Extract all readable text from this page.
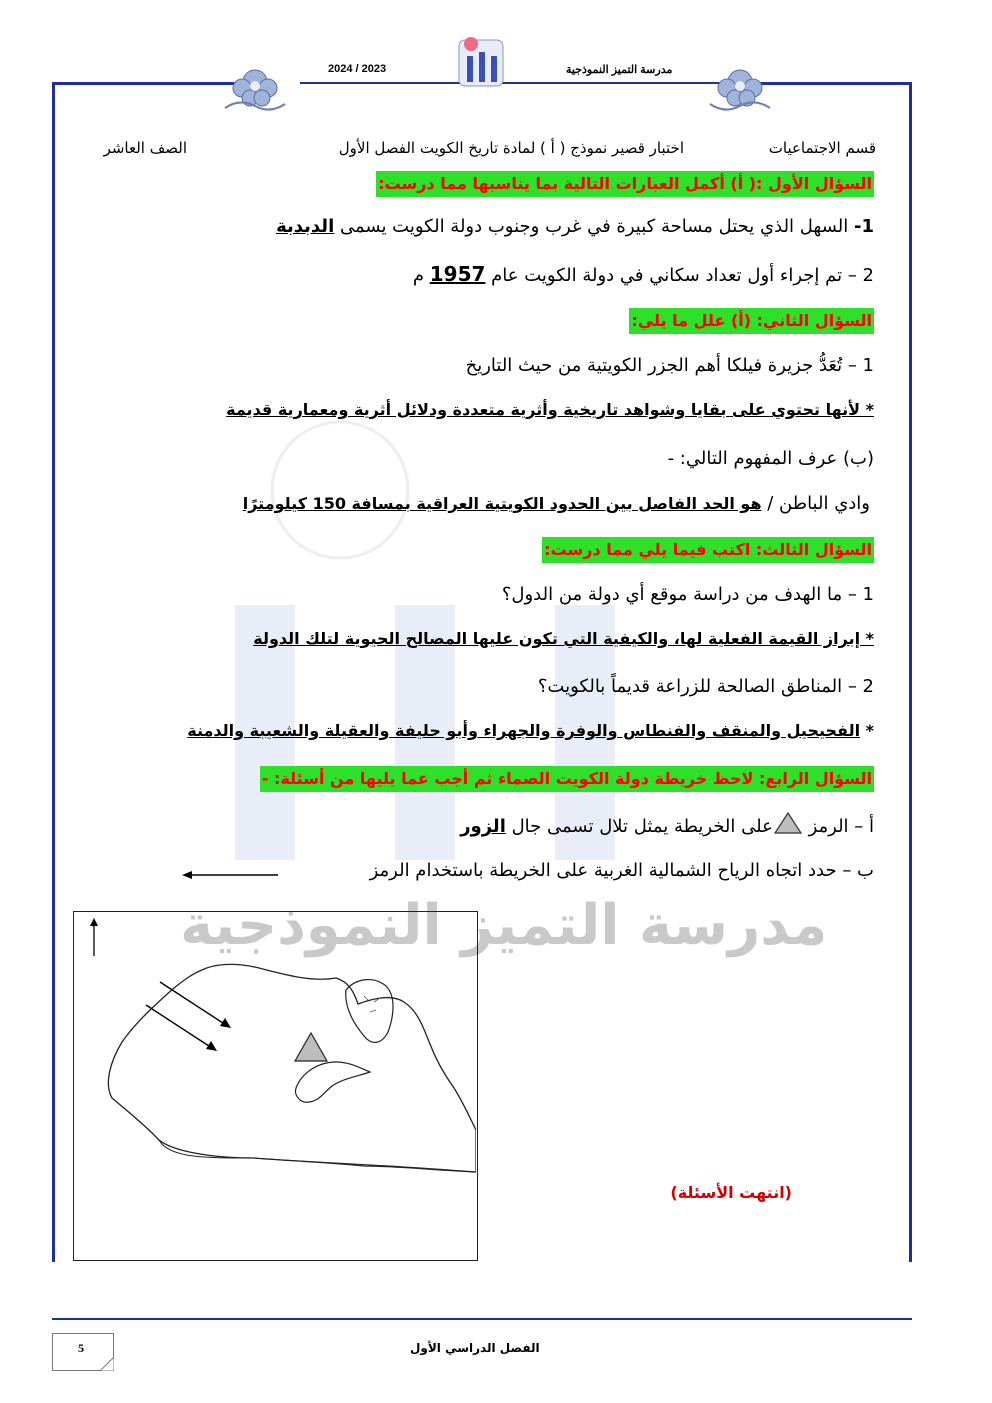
2024 / 2023	مدرسة التميز النموذجية
قسم الاجتماعيات
اختبار قصير نموذج ( أ ) لمادة تاريخ الكويت الفصل الأول
الصف العاشر
مدرسة التميز النموذجية
السؤال الأول :( أ) أكمل العبارات التالية بما يناسبها مما درست:
1- السهل الذي يحتل مساحة كبيرة في غرب وجنوب دولة الكويت يسمى الدبدبة
2 – تم إجراء أول تعداد سكاني في دولة الكويت عام 1957 م
السؤال الثاني: (أ) علل ما يلي:
1 – تُعَدُّ جزيرة فيلكا أهم الجزر الكويتية من حيث التاريخ
* لأنها تحتوي على بقايا وشواهد تاريخية وأثرية متعددة ودلائل أثرية ومعمارية قديمة
(ب) عرف المفهوم التالي: -
وادي الباطن / هو الحد الفاصل بين الحدود الكويتية العراقية بمسافة 150 كيلومترًا
السؤال الثالث: اكتب فيما يلي مما درست:
1 – ما الهدف من دراسة موقع أي دولة من الدول؟
* إبراز القيمة الفعلية لها، والكيفية التي تكون عليها المصالح الحيوية لتلك الدولة
2 – المناطق الصالحة للزراعة قديماً بالكويت؟
* الفحيحيل والمنقف والفنطاس والوفرة والجهراء وأبو حليفة والعقيلة والشعيبة والدمنة
السؤال الرابع: لاحظ خريطة دولة الكويت الصماء ثم أجب عما يليها من أسئلة: -
أ – الرمز على الخريطة يمثل تلال تسمى جال الزور
ب – حدد اتجاه الرياح الشمالية الغربية على الخريطة باستخدام الرمز
(انتهت الأسئلة)
5	الفصل الدراسي الأول
